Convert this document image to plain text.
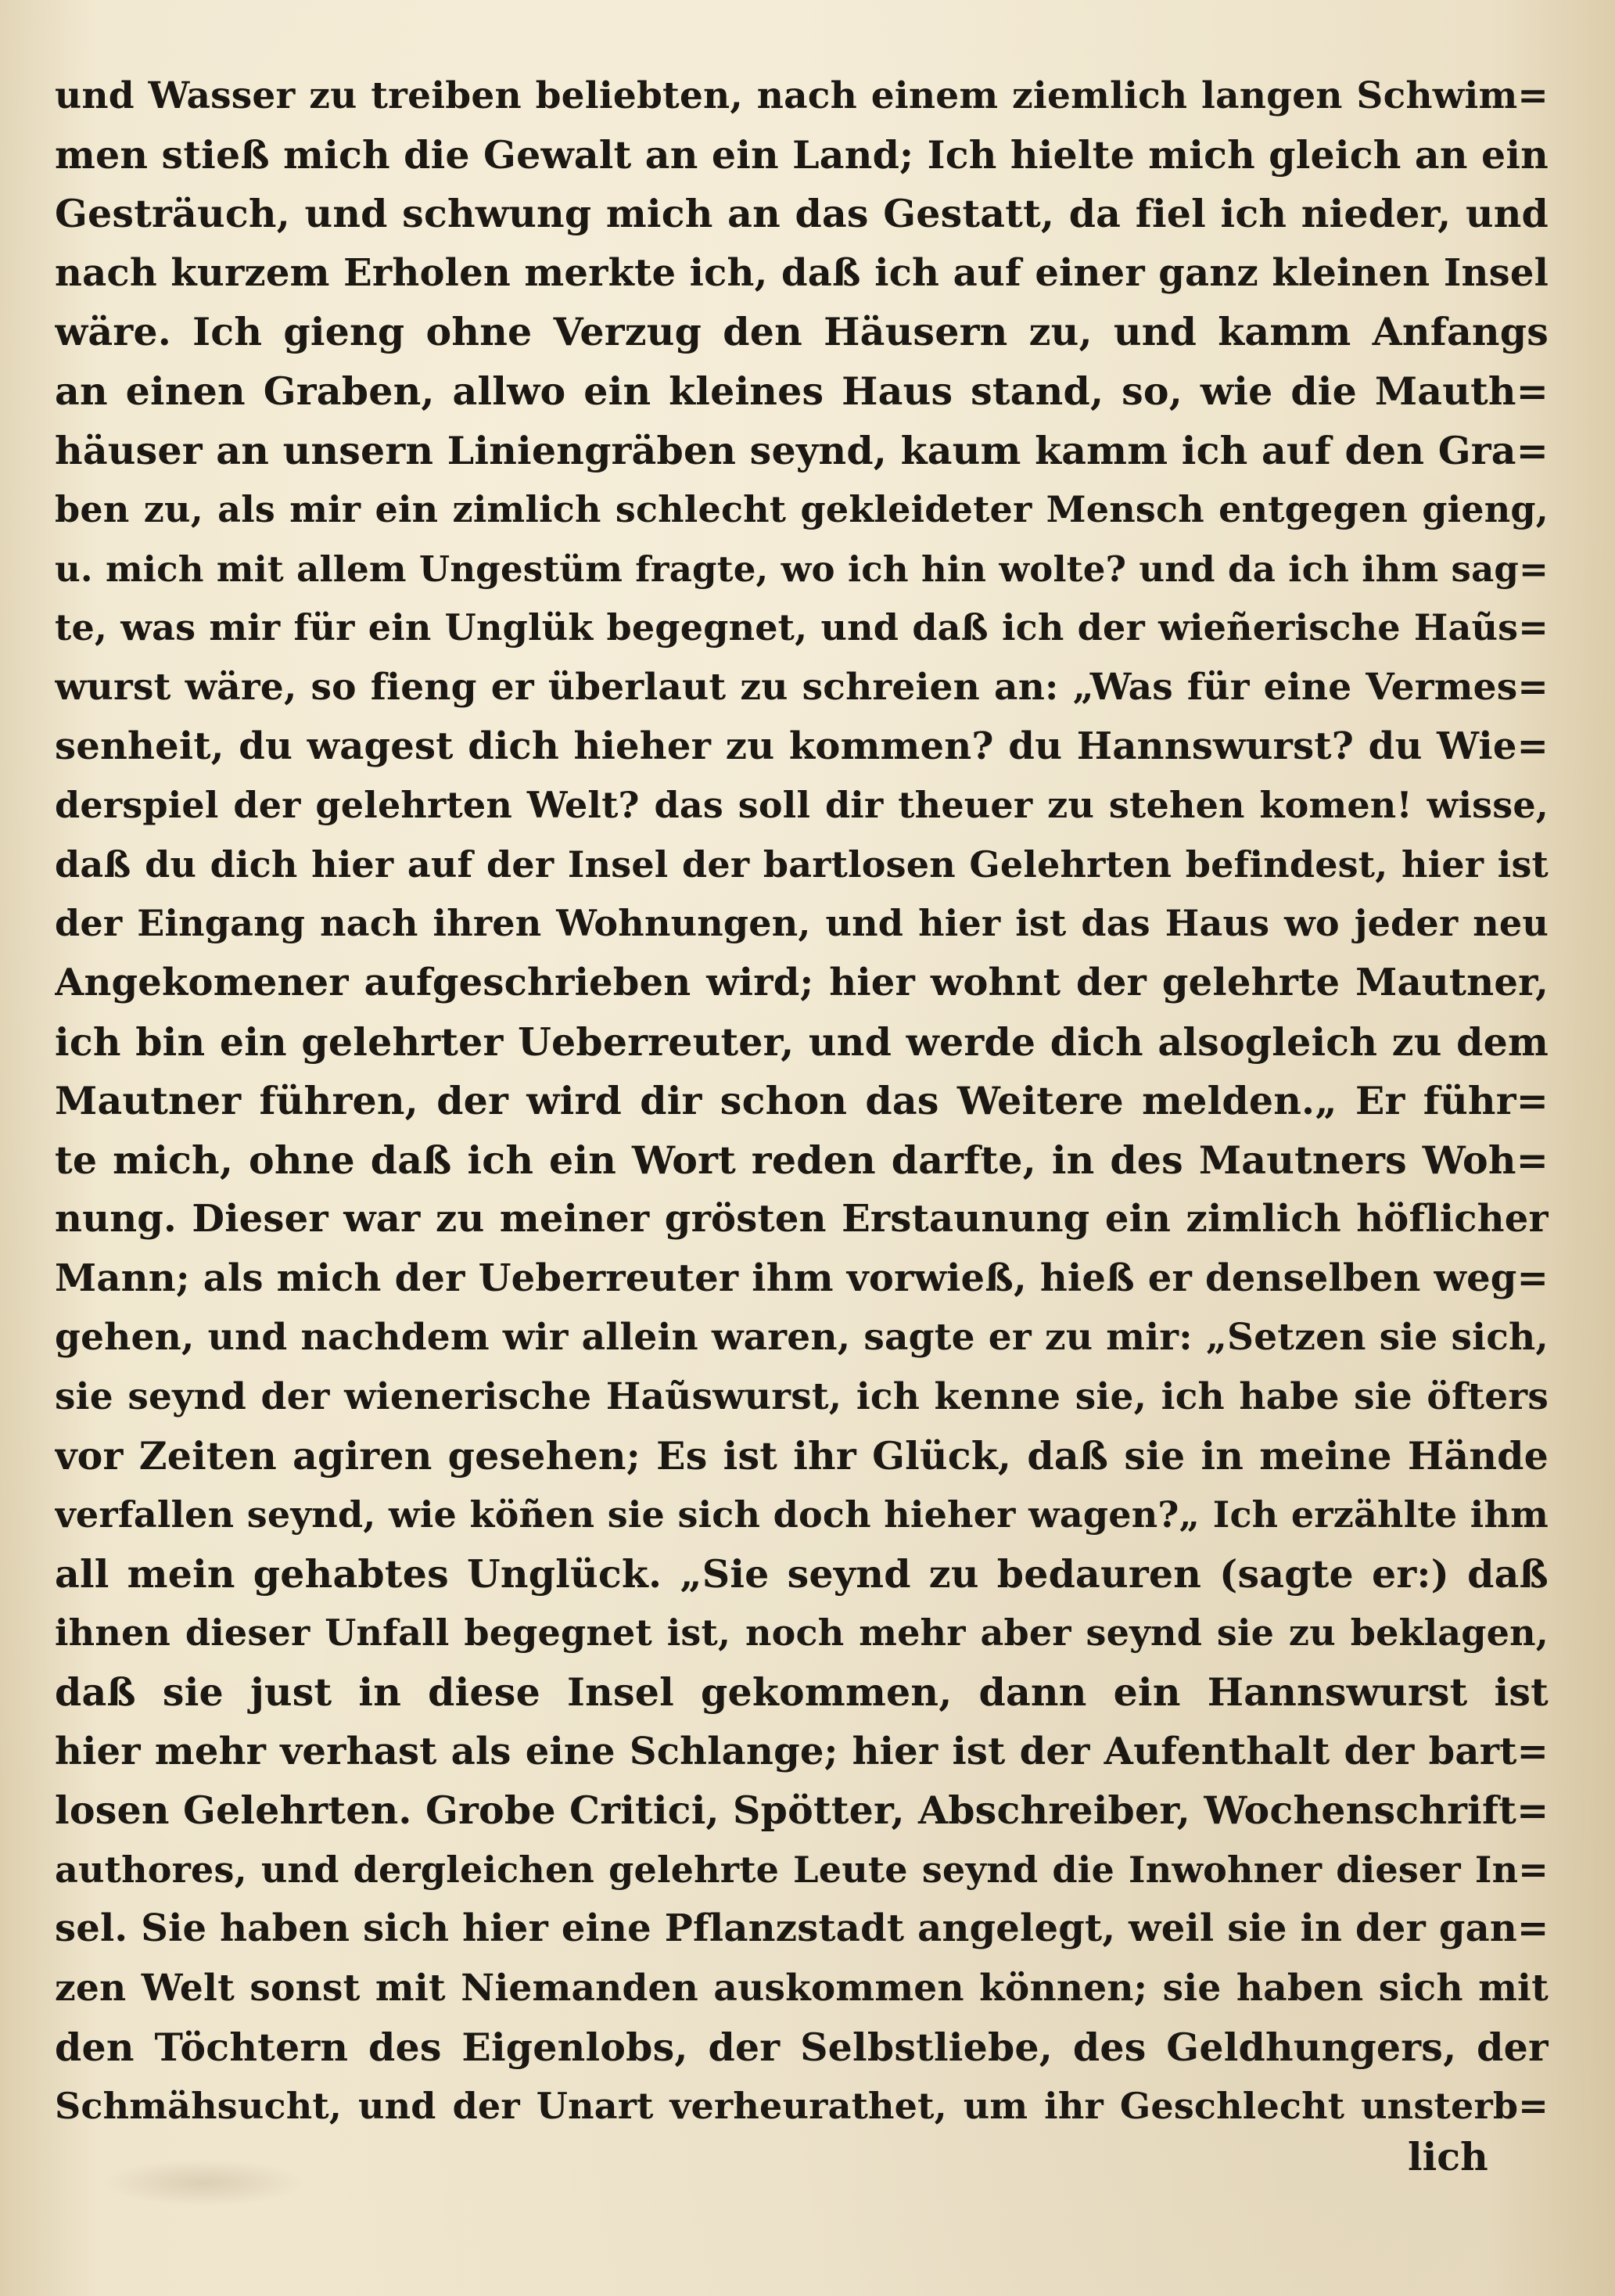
und Wasser zu treiben beliebten, nach einem ziemlich langen Schwim=
men stieß mich die Gewalt an ein Land; Ich hielte mich gleich an ein
Gesträuch, und schwung mich an das Gestatt, da fiel ich nieder, und
nach kurzem Erholen merkte ich, daß ich auf einer ganz kleinen Insel
wäre. Ich gieng ohne Verzug den Häusern zu, und kamm Anfangs
an einen Graben, allwo ein kleines Haus stand, so, wie die Mauth=
häuser an unsern Liniengräben seynd, kaum kamm ich auf den Gra=
ben zu, als mir ein zimlich schlecht gekleideter Mensch entgegen gieng,
u. mich mit allem Ungestüm fragte, wo ich hin wolte? und da ich ihm sag=
te, was mir für ein Unglük begegnet, und daß ich der wieñerische Haũs=
wurst wäre, so fieng er überlaut zu schreien an: „Was für eine Vermes=
senheit, du wagest dich hieher zu kommen? du Hannswurst? du Wie=
derspiel der gelehrten Welt? das soll dir theuer zu stehen komen! wisse,
daß du dich hier auf der Insel der bartlosen Gelehrten befindest, hier ist
der Eingang nach ihren Wohnungen, und hier ist das Haus wo jeder neu
Angekomener aufgeschrieben wird; hier wohnt der gelehrte Mautner,
ich bin ein gelehrter Ueberreuter, und werde dich alsogleich zu dem
Mautner führen, der wird dir schon das Weitere melden.„ Er führ=
te mich, ohne daß ich ein Wort reden darfte, in des Mautners Woh=
nung. Dieser war zu meiner grösten Erstaunung ein zimlich höflicher
Mann; als mich der Ueberreuter ihm vorwieß, hieß er denselben weg=
gehen, und nachdem wir allein waren, sagte er zu mir: „Setzen sie sich,
sie seynd der wienerische Haũswurst, ich kenne sie, ich habe sie öfters
vor Zeiten agiren gesehen; Es ist ihr Glück, daß sie in meine Hände
verfallen seynd, wie köñen sie sich doch hieher wagen?„ Ich erzählte ihm
all mein gehabtes Unglück. „Sie seynd zu bedauren (sagte er:) daß
ihnen dieser Unfall begegnet ist, noch mehr aber seynd sie zu beklagen,
daß sie just in diese Insel gekommen, dann ein Hannswurst ist
hier mehr verhast als eine Schlange; hier ist der Aufenthalt der bart=
losen Gelehrten. Grobe Critici, Spötter, Abschreiber, Wochenschrift=
authores, und dergleichen gelehrte Leute seynd die Inwohner dieser In=
sel. Sie haben sich hier eine Pflanzstadt angelegt, weil sie in der gan=
zen Welt sonst mit Niemanden auskommen können; sie haben sich mit
den Töchtern des Eigenlobs, der Selbstliebe, des Geldhungers, der
Schmähsucht, und der Unart verheurathet, um ihr Geschlecht unsterb=
lich
